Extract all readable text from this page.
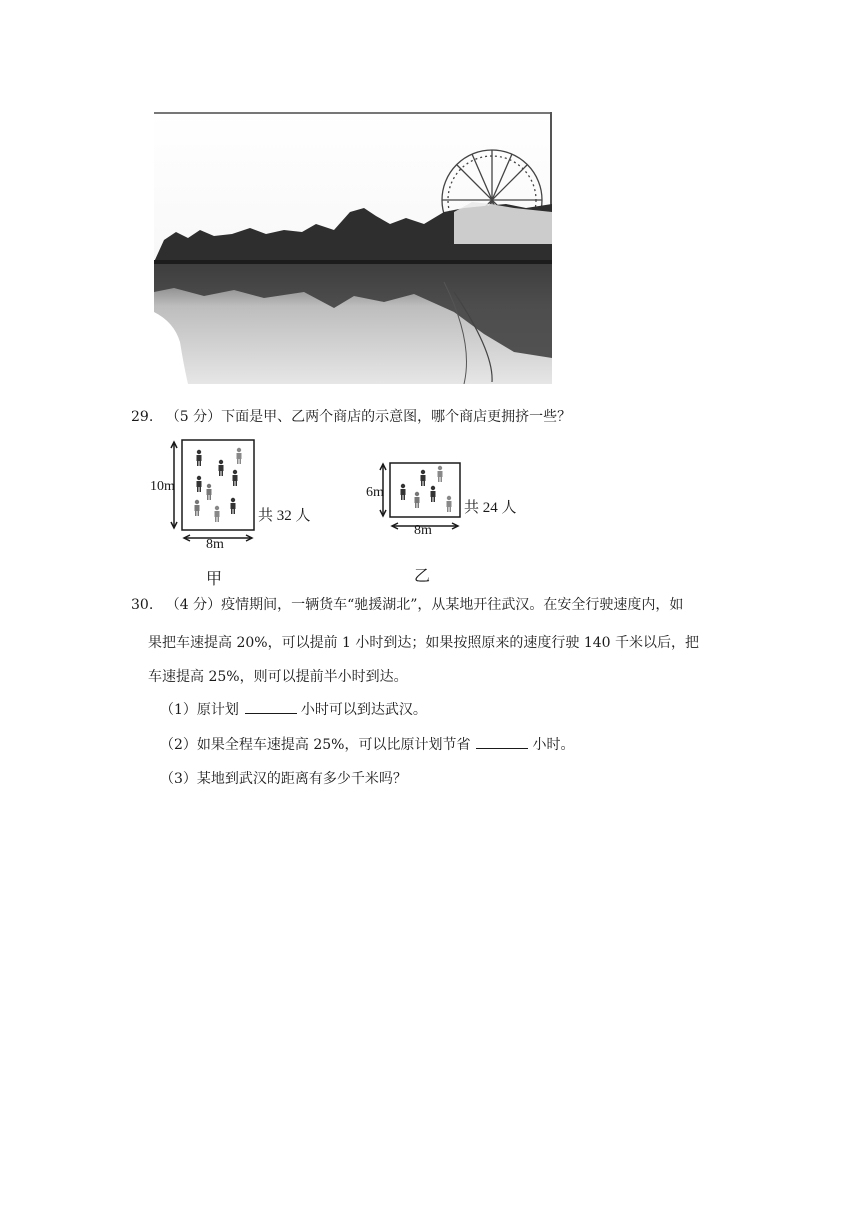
29. （5 分）下面是甲、乙两个商店的示意图，哪个商店更拥挤一些？
10m
8m
共 32 人
6m
8m
共 24 人
甲	乙
30. （4 分）疫情期间，一辆货车“驰援湖北”，从某地开往武汉。在安全行驶速度内，如
果把车速提高 20%，可以提前 1 小时到达；如果按照原来的速度行驶 140 千米以后，把
车速提高 25%，则可以提前半小时到达。
（1）原计划	小时可以到达武汉。
（2）如果全程车速提高 25%，可以比原计划节省	小时。
（3）某地到武汉的距离有多少千米吗？
